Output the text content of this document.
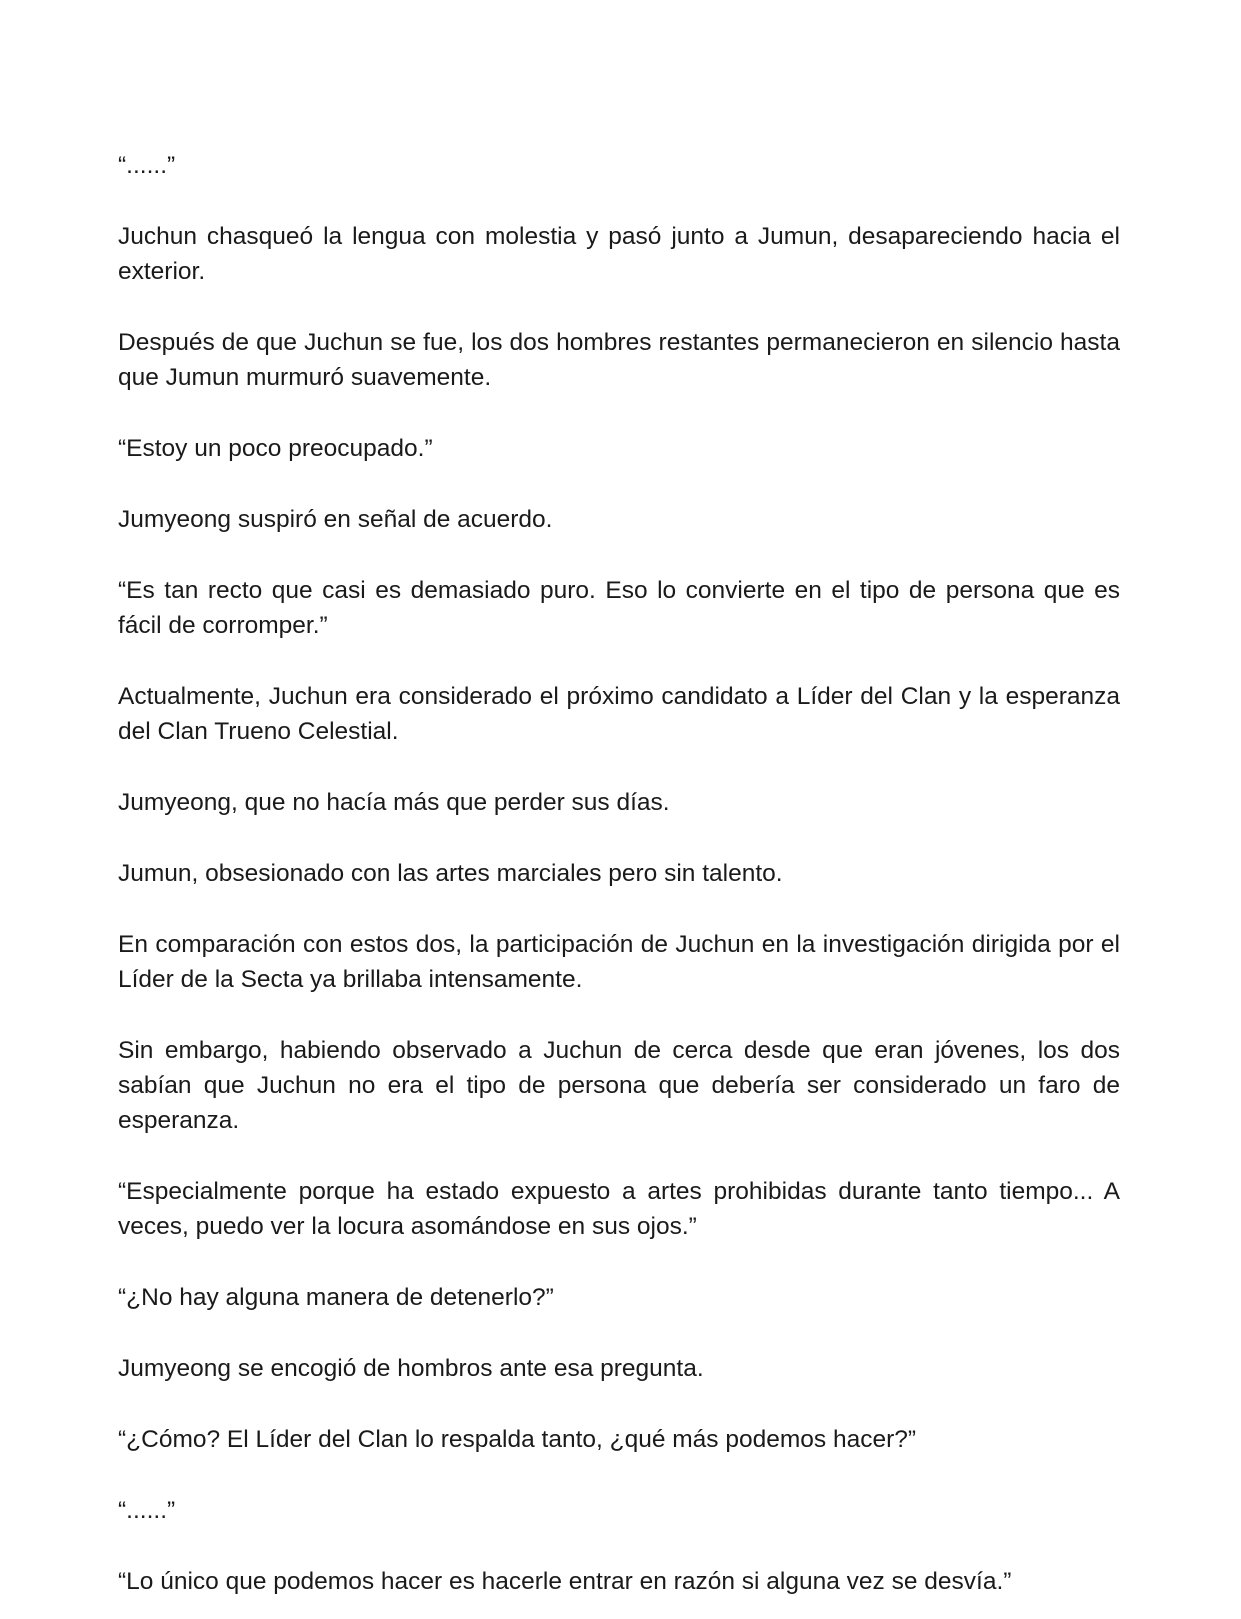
“......”

Juchun chasqueó la lengua con molestia y pasó junto a Jumun, desapareciendo hacia el exterior.

Después de que Juchun se fue, los dos hombres restantes permanecieron en silencio hasta que Jumun murmuró suavemente.

“Estoy un poco preocupado.”

Jumyeong suspiró en señal de acuerdo.

“Es tan recto que casi es demasiado puro. Eso lo convierte en el tipo de persona que es fácil de corromper.”

Actualmente, Juchun era considerado el próximo candidato a Líder del Clan y la esperanza del Clan Trueno Celestial.

Jumyeong, que no hacía más que perder sus días.

Jumun, obsesionado con las artes marciales pero sin talento.

En comparación con estos dos, la participación de Juchun en la investigación dirigida por el Líder de la Secta ya brillaba intensamente.

Sin embargo, habiendo observado a Juchun de cerca desde que eran jóvenes, los dos sabían que Juchun no era el tipo de persona que debería ser considerado un faro de esperanza.

“Especialmente porque ha estado expuesto a artes prohibidas durante tanto tiempo... A veces, puedo ver la locura asomándose en sus ojos.”

“¿No hay alguna manera de detenerlo?”

Jumyeong se encogió de hombros ante esa pregunta.

“¿Cómo? El Líder del Clan lo respalda tanto, ¿qué más podemos hacer?”

“......”

“Lo único que podemos hacer es hacerle entrar en razón si alguna vez se desvía.”
